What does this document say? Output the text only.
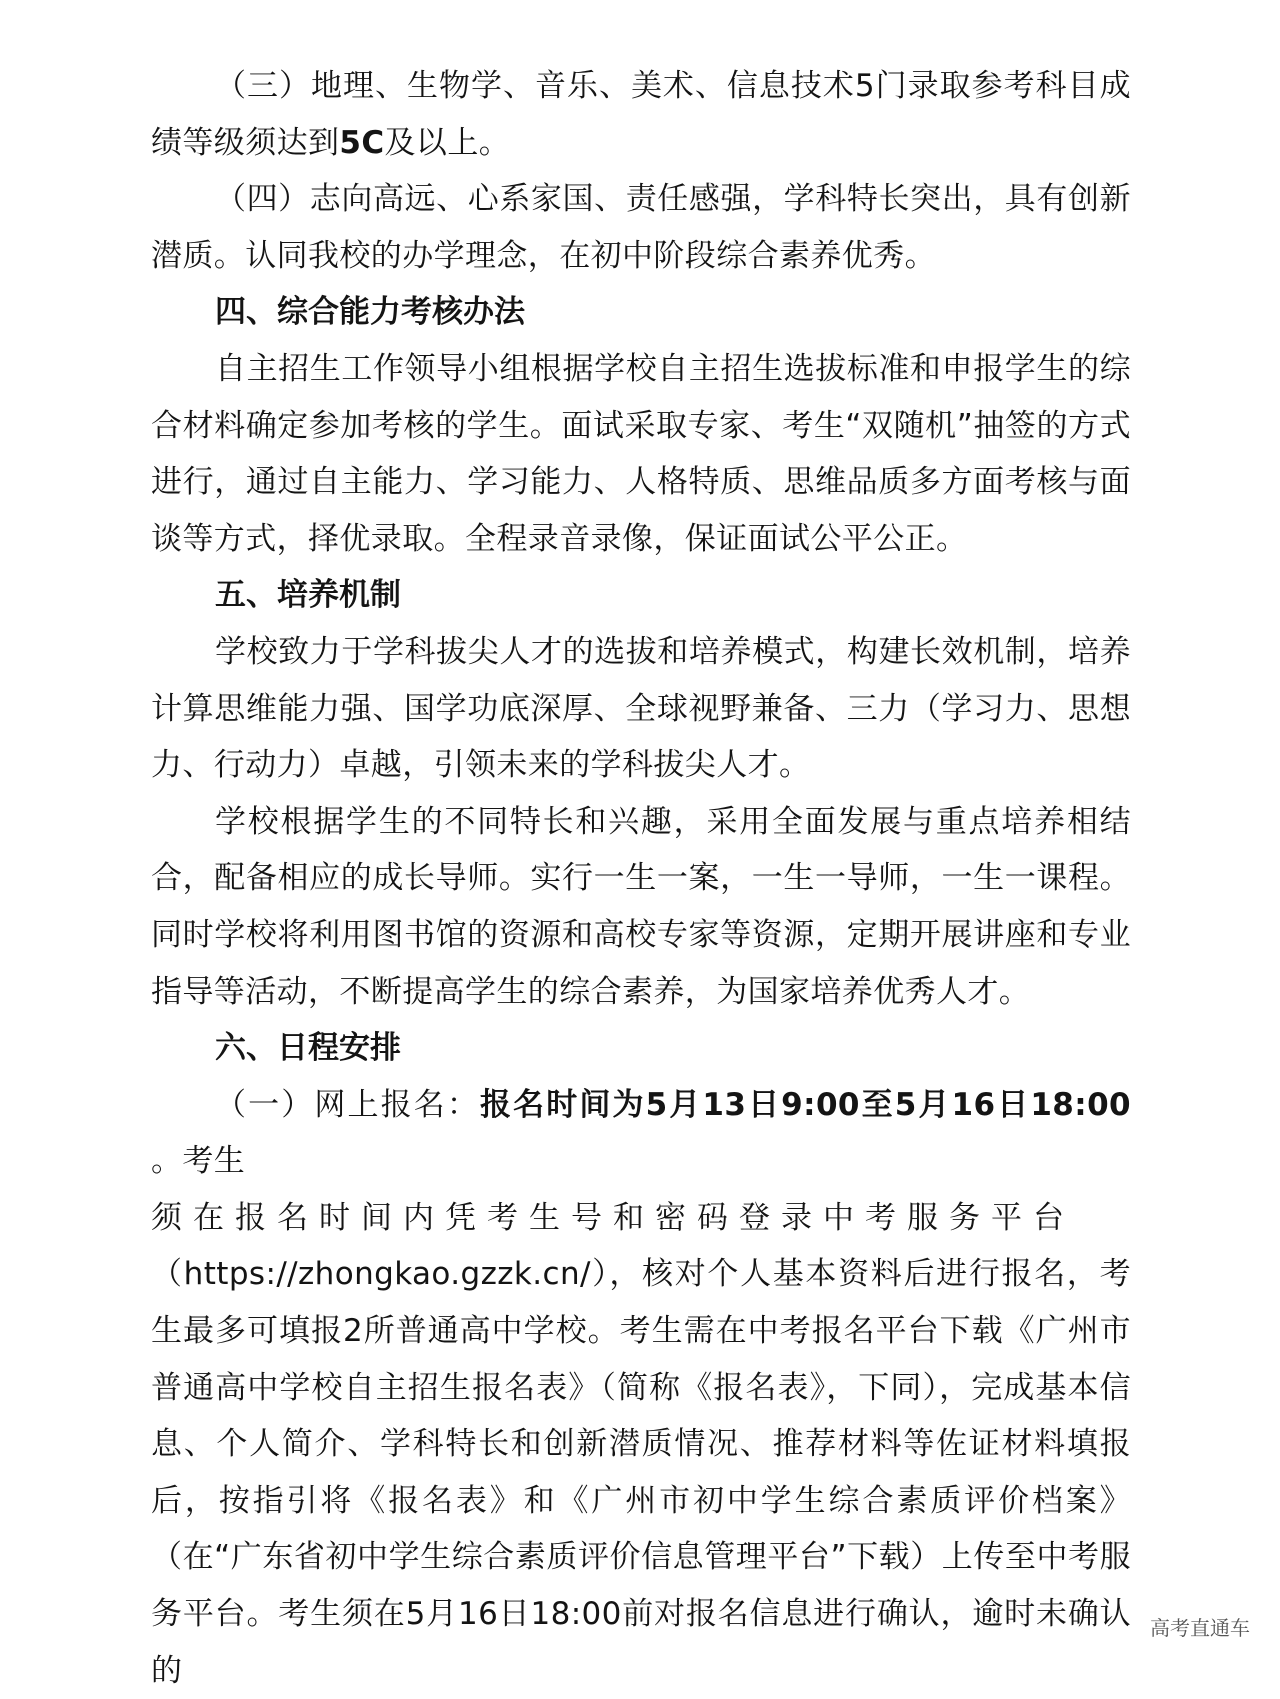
（三）地理、生物学、音乐、美术、信息技术5门录取参考科目成绩等级须达到5C及以上。

（四）志向高远、心系家国、责任感强，学科特长突出，具有创新潜质。认同我校的办学理念，在初中阶段综合素养优秀。

四、综合能力考核办法

自主招生工作领导小组根据学校自主招生选拔标准和申报学生的综合材料确定参加考核的学生。面试采取专家、考生“双随机”抽签的方式进行，通过自主能力、学习能力、人格特质、思维品质多方面考核与面谈等方式，择优录取。全程录音录像，保证面试公平公正。

五、培养机制

学校致力于学科拔尖人才的选拔和培养模式，构建长效机制，培养计算思维能力强、国学功底深厚、全球视野兼备、三力（学习力、思想力、行动力）卓越，引领未来的学科拔尖人才。

学校根据学生的不同特长和兴趣，采用全面发展与重点培养相结合，配备相应的成长导师。实行一生一案，一生一导师，一生一课程。同时学校将利用图书馆的资源和高校专家等资源，定期开展讲座和专业指导等活动，不断提高学生的综合素养，为国家培养优秀人才。

六、日程安排

（一）网上报名：报名时间为5月13日9:00至5月16日18:00 。考生
须在报名时间内凭考生号和密码登录中考服务平台
（https://zhongkao.gzzk.cn/），核对个人基本资料后进行报名，考生最多可填报2所普通高中学校。考生需在中考报名平台下载《广州市普通高中学校自主招生报名表》（简称《报名表》，下同），完成基本信息、个人简介、学科特长和创新潜质情况、推荐材料等佐证材料填报后，按指引将《报名表》和《广州市初中学生综合素质评价档案》（在“广东省初中学生综合素质评价信息管理平台”下载）上传至中考服务平台。考生须在5月16日18:00前对报名信息进行确认，逾时未确认的

高考直通车
